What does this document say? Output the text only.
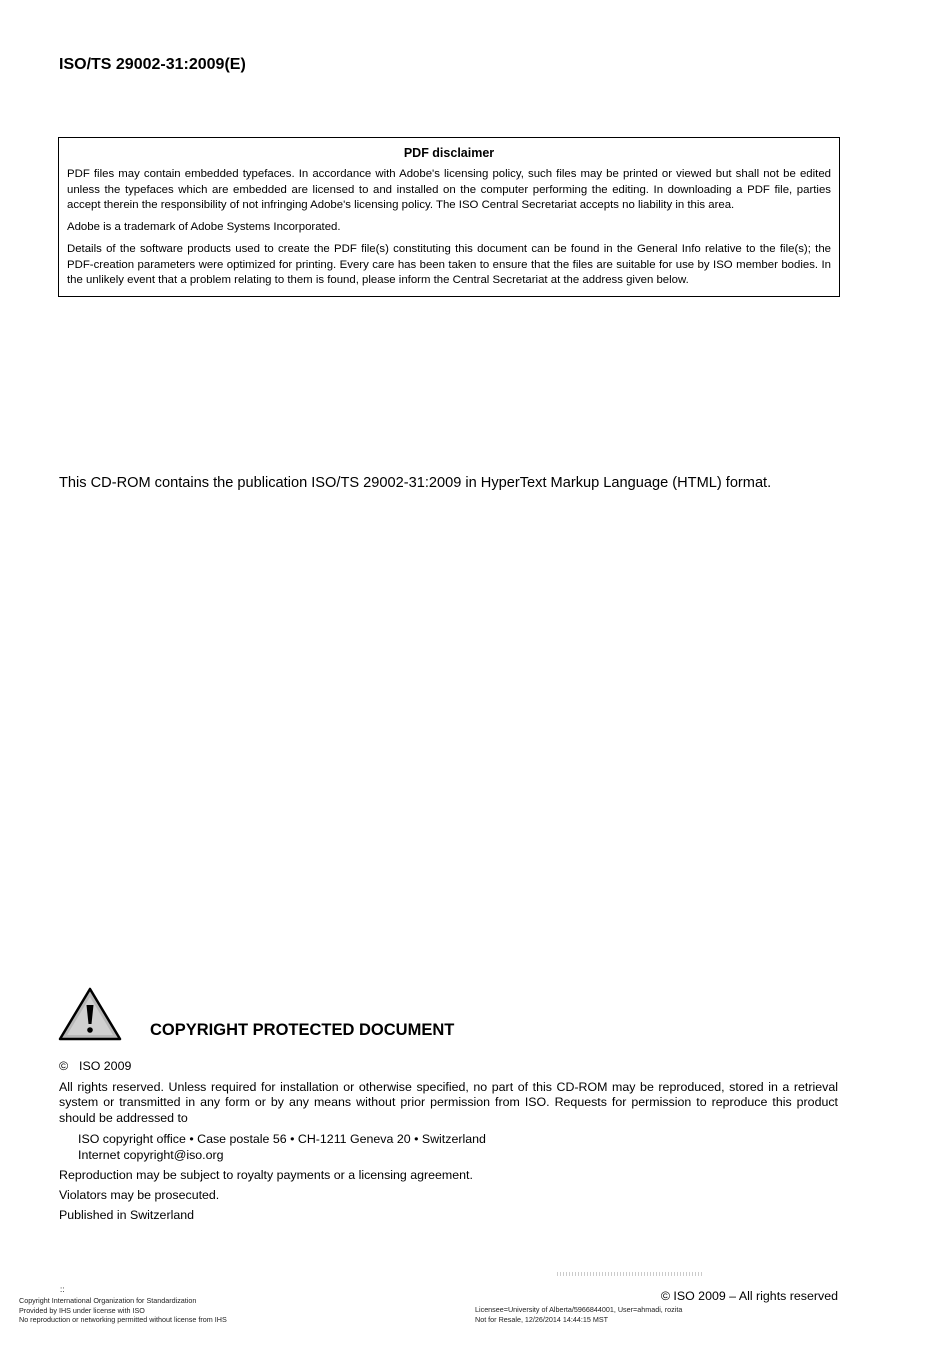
ISO/TS 29002-31:2009(E)
PDF disclaimer

PDF files may contain embedded typefaces. In accordance with Adobe's licensing policy, such files may be printed or viewed but shall not be edited unless the typefaces which are embedded are licensed to and installed on the computer performing the editing. In downloading a PDF file, parties accept therein the responsibility of not infringing Adobe's licensing policy. The ISO Central Secretariat accepts no liability in this area.

Adobe is a trademark of Adobe Systems Incorporated.

Details of the software products used to create the PDF file(s) constituting this document can be found in the General Info relative to the file(s); the PDF-creation parameters were optimized for printing. Every care has been taken to ensure that the files are suitable for use by ISO member bodies. In the unlikely event that a problem relating to them is found, please inform the Central Secretariat at the address given below.

This CD-ROM contains the publication ISO/TS 29002-31:2009 in HyperText Markup Language (HTML) format.

COPYRIGHT PROTECTED DOCUMENT

© ISO 2009

All rights reserved. Unless required for installation or otherwise specified, no part of this CD-ROM may be reproduced, stored in a retrieval system or transmitted in any form or by any means without prior permission from ISO. Requests for permission to reproduce this product should be addressed to

ISO copyright office • Case postale 56 • CH-1211 Geneva 20 • Switzerland
Internet copyright@iso.org

Reproduction may be subject to royalty payments or a licensing agreement.

Violators may be prosecuted.

Published in Switzerland

::
Copyright International Organization for Standardization
Provided by IHS under license with ISO
No reproduction or networking permitted without license from IHS
Licensee=University of Alberta/5966844001, User=ahmadi, rozita
Not for Resale, 12/26/2014 14:44:15 MST
© ISO 2009 – All rights reserved
